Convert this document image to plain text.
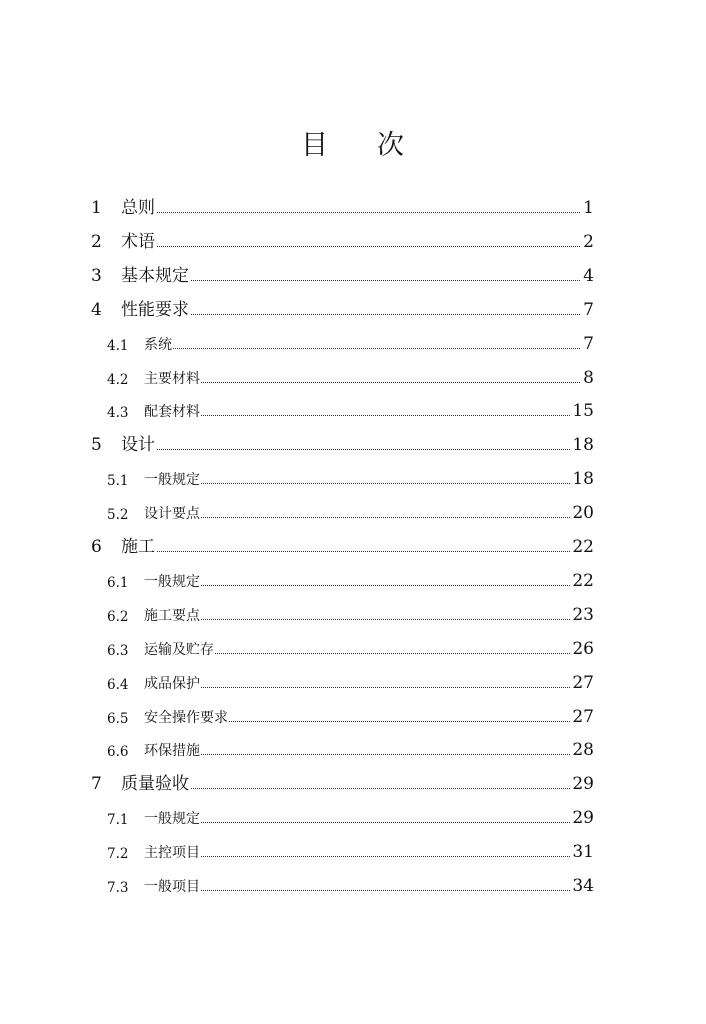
目 次
1 总则	1
2 术语	2
3 基本规定	4
4 性能要求	7
4.1 系统	7
4.2 主要材料	8
4.3 配套材料	15
5 设计	18
5.1 一般规定	18
5.2 设计要点	20
6 施工	22
6.1 一般规定	22
6.2 施工要点	23
6.3 运输及贮存	26
6.4 成品保护	27
6.5 安全操作要求	27
6.6 环保措施	28
7 质量验收	29
7.1 一般规定	29
7.2 主控项目	31
7.3 一般项目	34
